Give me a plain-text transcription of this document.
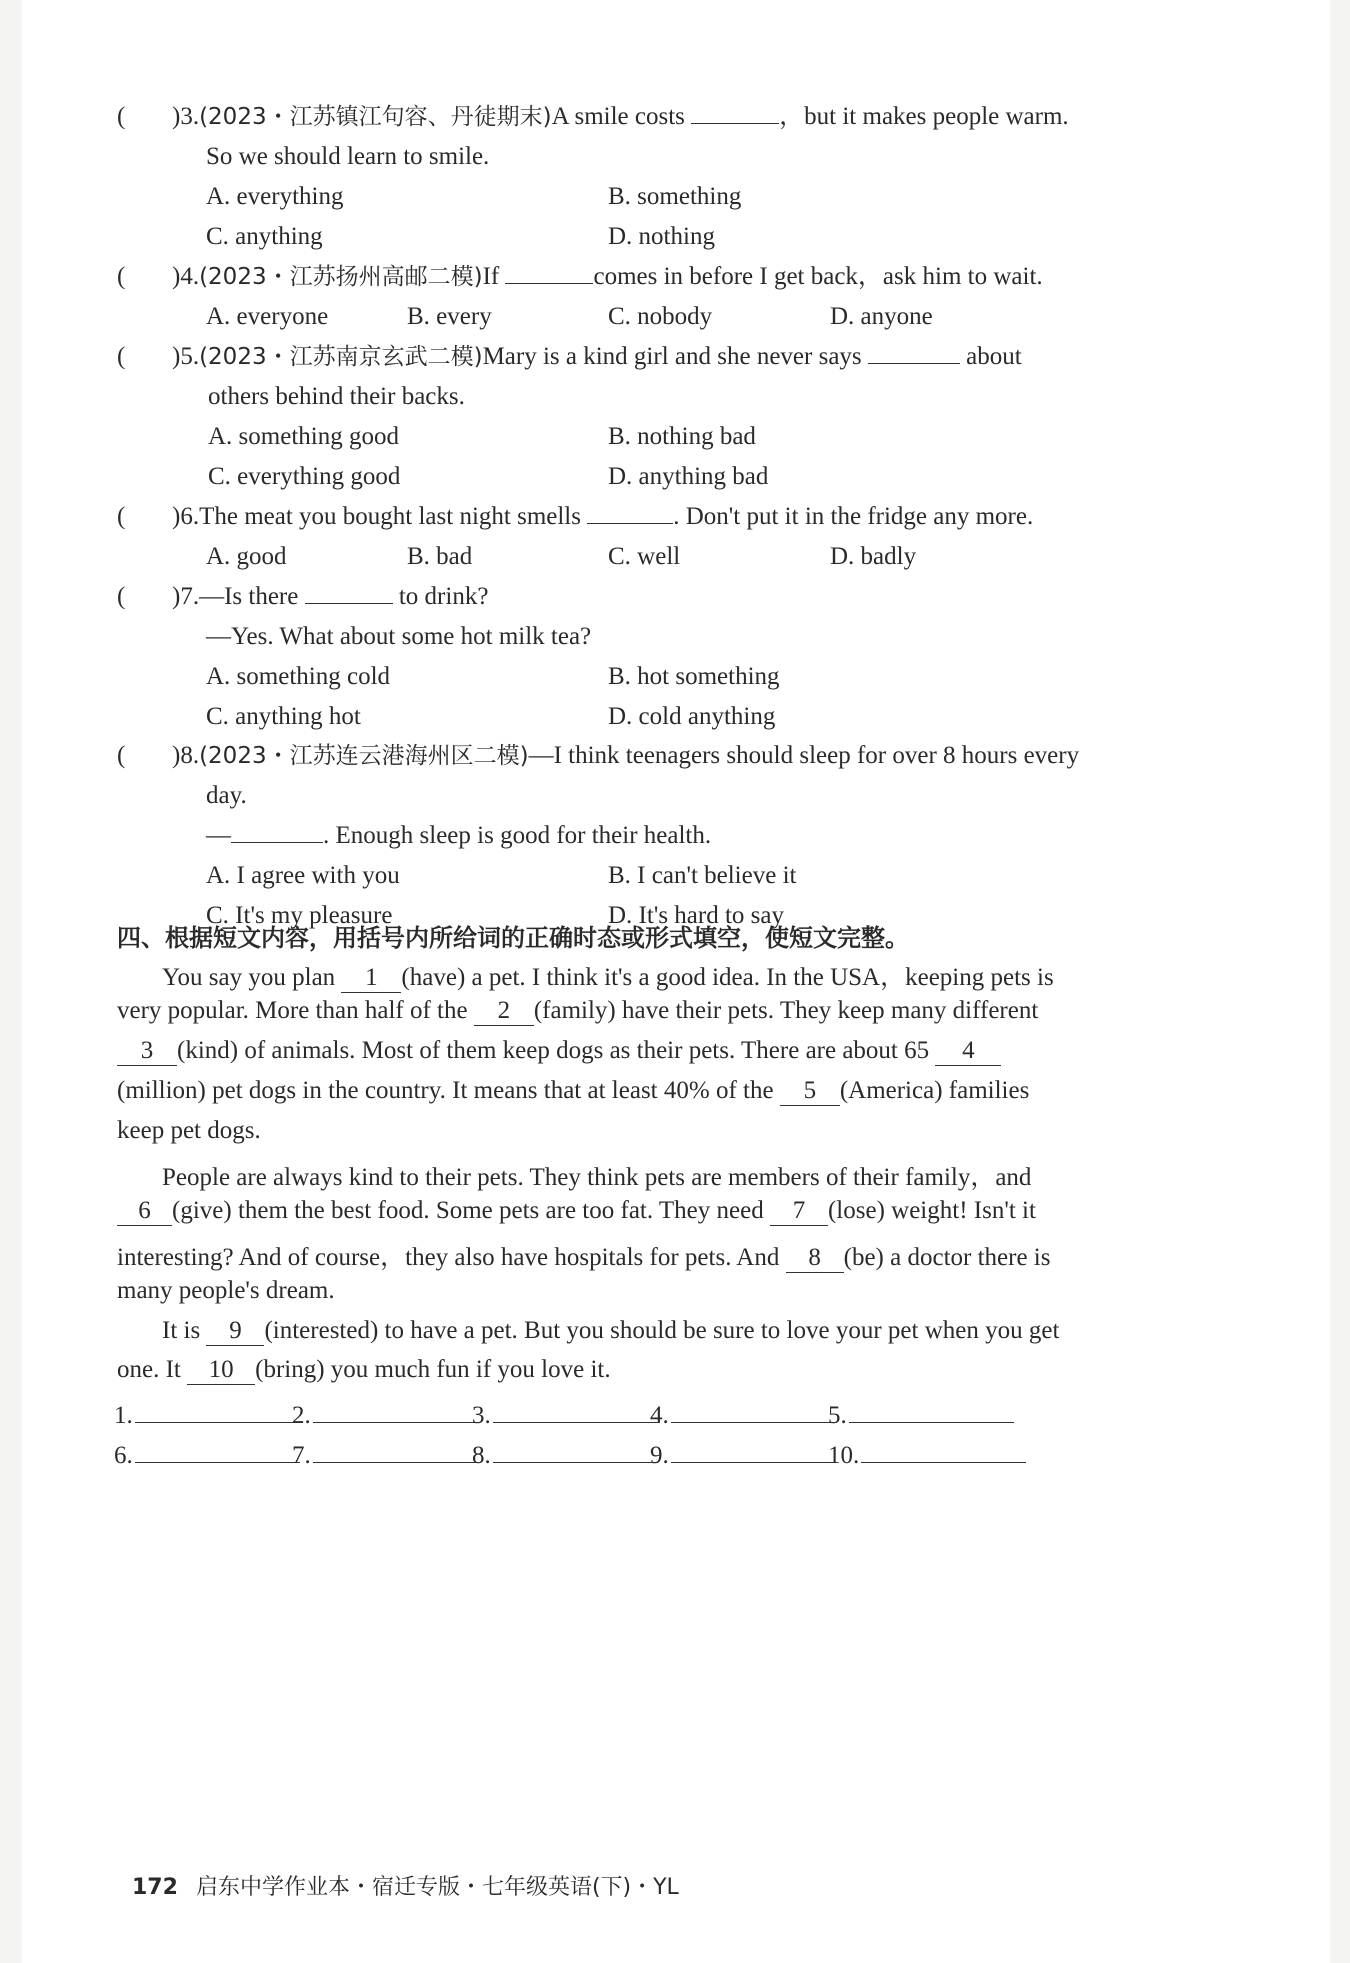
( )3.(2023・江苏镇江句容、丹徒期末)A smile costs	，but it makes people warm.
So we should learn to smile.
A. everything	B. something
C. anything	D. nothing
( )4.(2023・江苏扬州高邮二模)If	comes in before I get back，ask him to wait.
A. everyone	B. every	C. nobody	D. anyone
( )5.(2023・江苏南京玄武二模)Mary is a kind girl and she never says	about
others behind their backs.
A. something good	B. nothing bad
C. everything good	D. anything bad
( )6.The meat you bought last night smells	. Don't put it in the fridge any more.
A. good	B. bad	C. well	D. badly
( )7.—Is there	to drink?
—Yes. What about some hot milk tea?
A. something cold	B. hot something
C. anything hot	D. cold anything
( )8.(2023・江苏连云港海州区二模)—I think teenagers should sleep for over 8 hours every
day.
—	. Enough sleep is good for their health.
A. I agree with you	B. I can't believe it
C. It's my pleasure	D. It's hard to say
四、根据短文内容，用括号内所给词的正确时态或形式填空，使短文完整。
You say you plan 1 (have) a pet. I think it's a good idea. In the USA，keeping pets is
very popular. More than half of the 2 (family) have their pets. They keep many different
3 (kind) of animals. Most of them keep dogs as their pets. There are about 65 4
(million) pet dogs in the country. It means that at least 40% of the 5 (America) families
keep pet dogs.
People are always kind to their pets. They think pets are members of their family，and
6 (give) them the best food. Some pets are too fat. They need 7 (lose) weight! Isn't it
interesting? And of course，they also have hospitals for pets. And 8 (be) a doctor there is
many people's dream.
It is 9 (interested) to have a pet. But you should be sure to love your pet when you get
one. It 10 (bring) you much fun if you love it.
1.	2.	3.	4.	5.
6.	7.	8.	9.	10.
172 启东中学作业本・宿迁专版・七年级英语(下)・YL
